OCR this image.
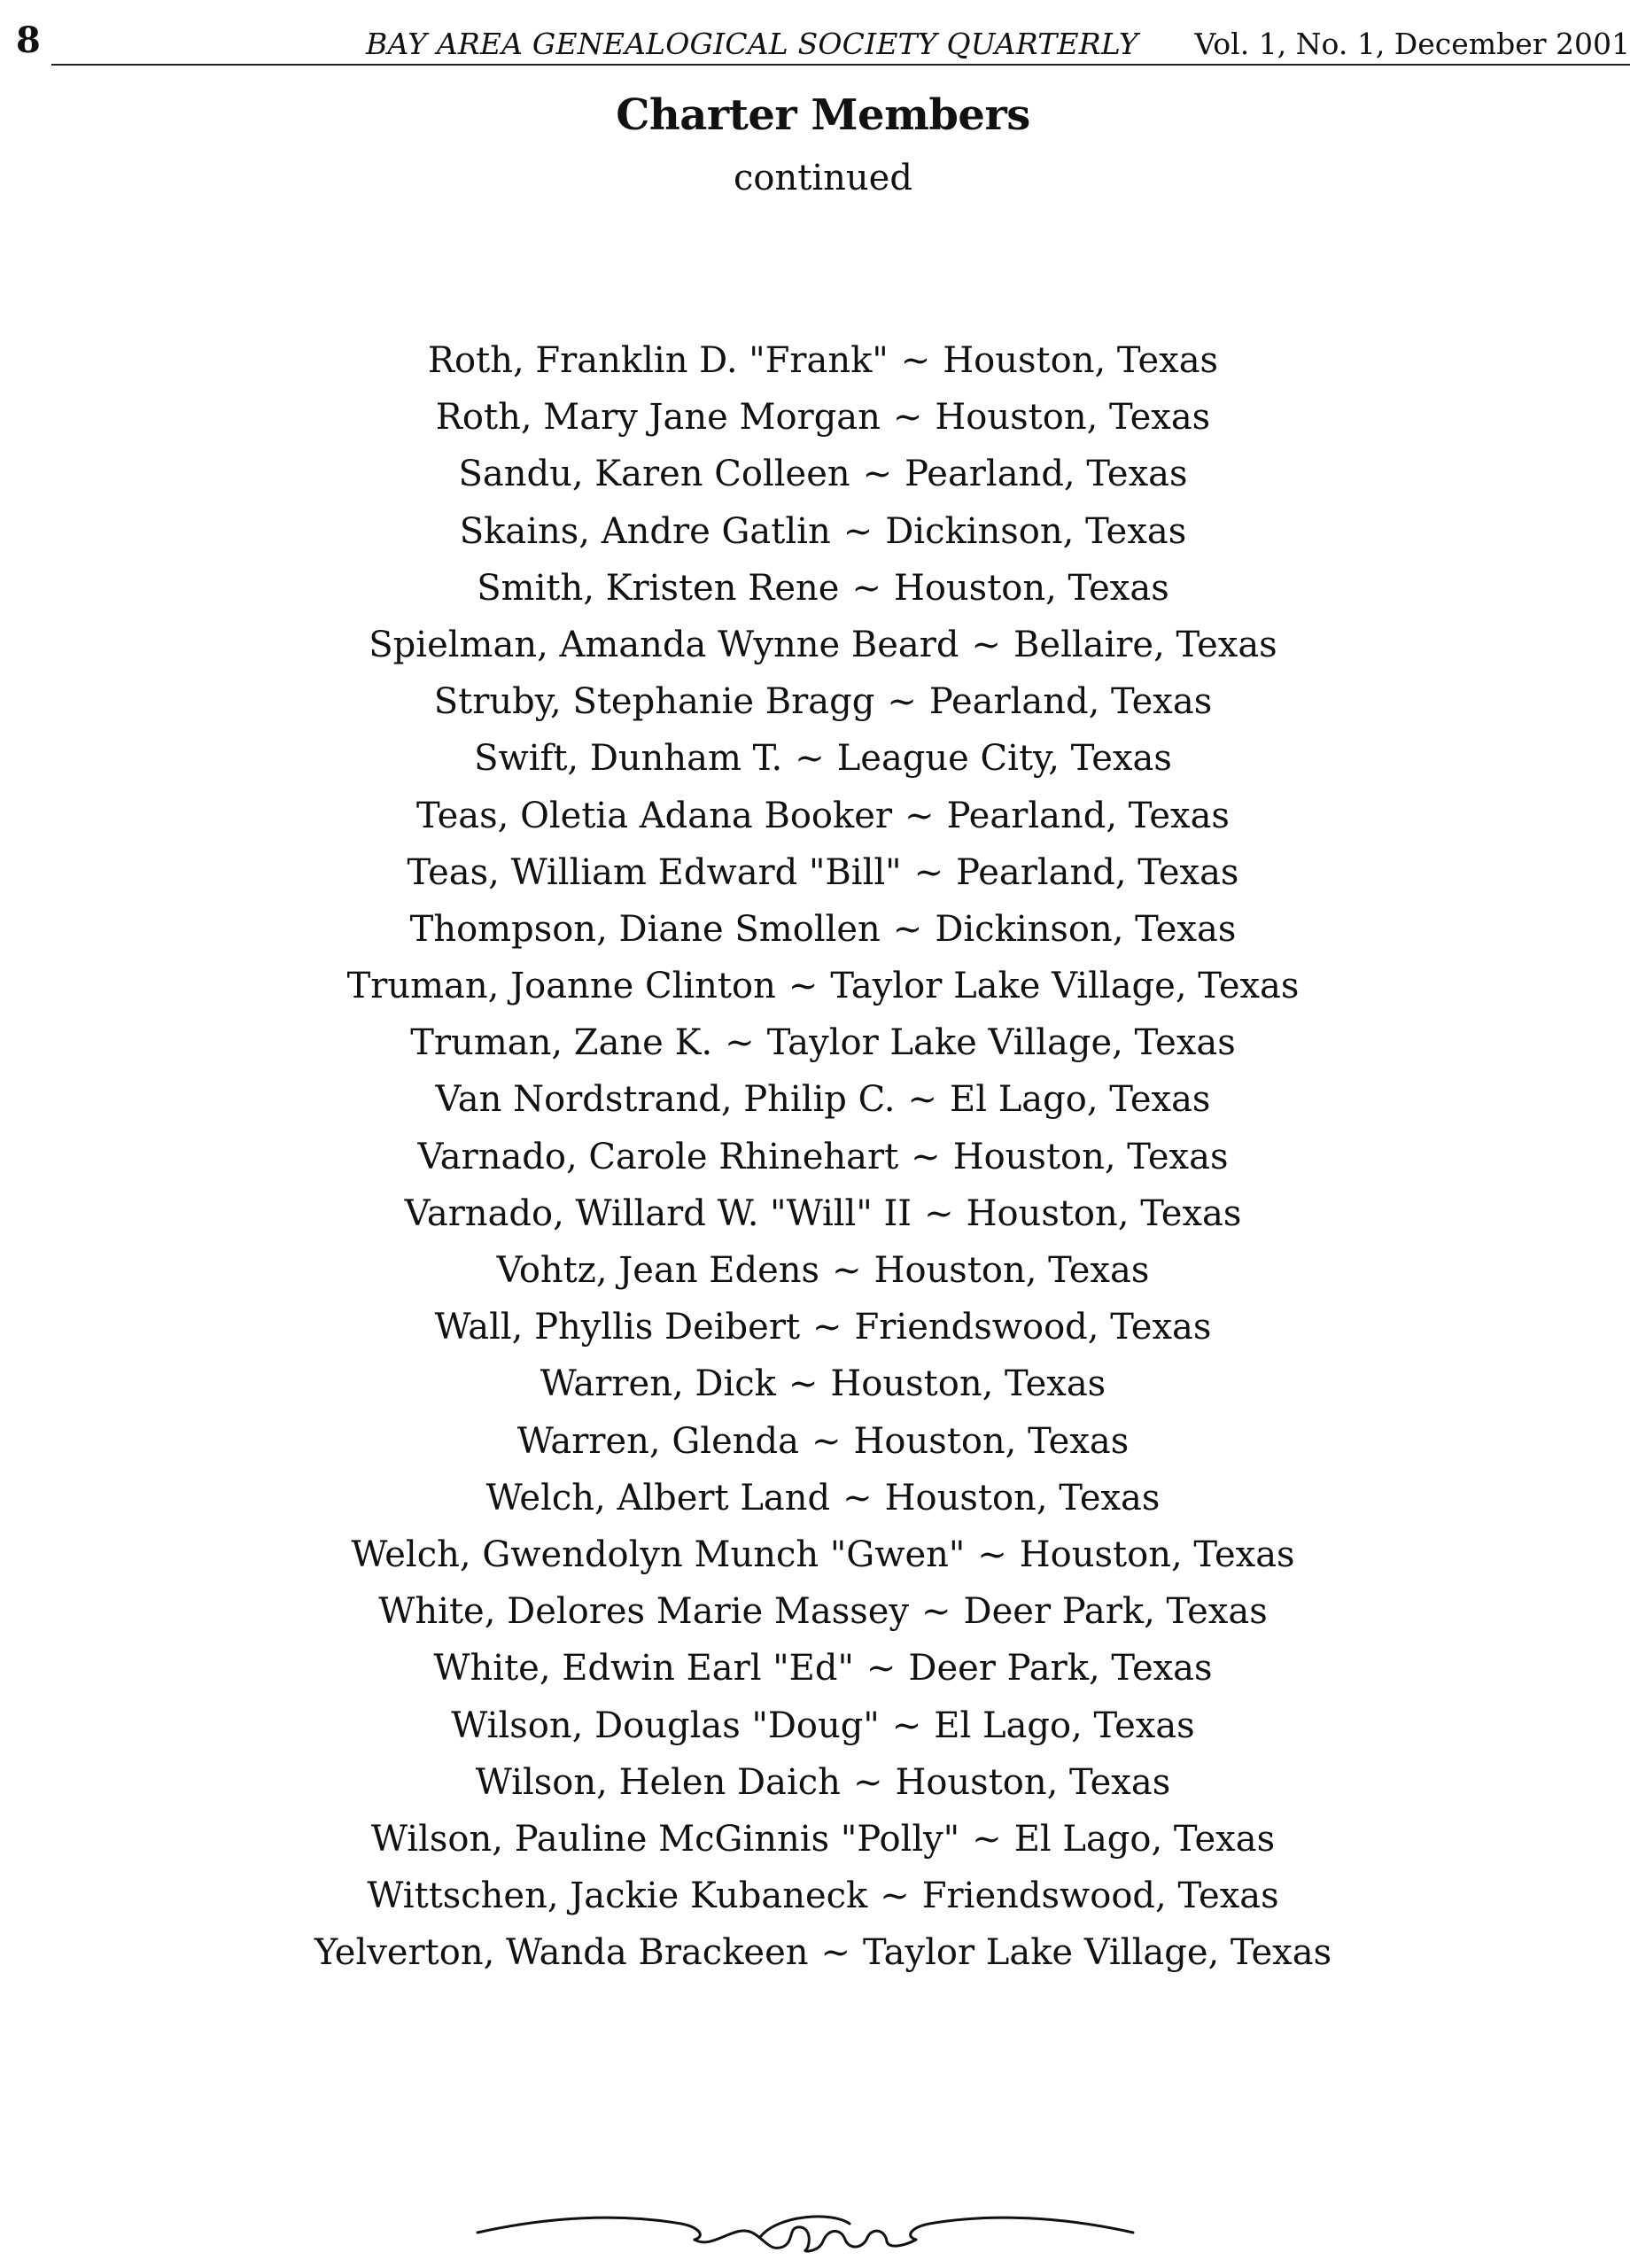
8	BAY AREA GENEALOGICAL SOCIETY QUARTERLY Vol. 1, No. 1, December 2001
Charter Members
continued
Roth, Franklin D. "Frank" ~ Houston, Texas
Roth, Mary Jane Morgan ~ Houston, Texas
Sandu, Karen Colleen ~ Pearland, Texas
Skains, Andre Gatlin ~ Dickinson, Texas
Smith, Kristen Rene ~ Houston, Texas
Spielman, Amanda Wynne Beard ~ Bellaire, Texas
Struby, Stephanie Bragg ~ Pearland, Texas
Swift, Dunham T. ~ League City, Texas
Teas, Oletia Adana Booker ~ Pearland, Texas
Teas, William Edward "Bill" ~ Pearland, Texas
Thompson, Diane Smollen ~ Dickinson, Texas
Truman, Joanne Clinton ~ Taylor Lake Village, Texas
Truman, Zane K. ~ Taylor Lake Village, Texas
Van Nordstrand, Philip C. ~ El Lago, Texas
Varnado, Carole Rhinehart ~ Houston, Texas
Varnado, Willard W. "Will" II ~ Houston, Texas
Vohtz, Jean Edens ~ Houston, Texas
Wall, Phyllis Deibert ~ Friendswood, Texas
Warren, Dick ~ Houston, Texas
Warren, Glenda ~ Houston, Texas
Welch, Albert Land ~ Houston, Texas
Welch, Gwendolyn Munch "Gwen" ~ Houston, Texas
White, Delores Marie Massey ~ Deer Park, Texas
White, Edwin Earl "Ed" ~ Deer Park, Texas
Wilson, Douglas "Doug" ~ El Lago, Texas
Wilson, Helen Daich ~ Houston, Texas
Wilson, Pauline McGinnis "Polly" ~ El Lago, Texas
Wittschen, Jackie Kubaneck ~ Friendswood, Texas
Yelverton, Wanda Brackeen ~ Taylor Lake Village, Texas
